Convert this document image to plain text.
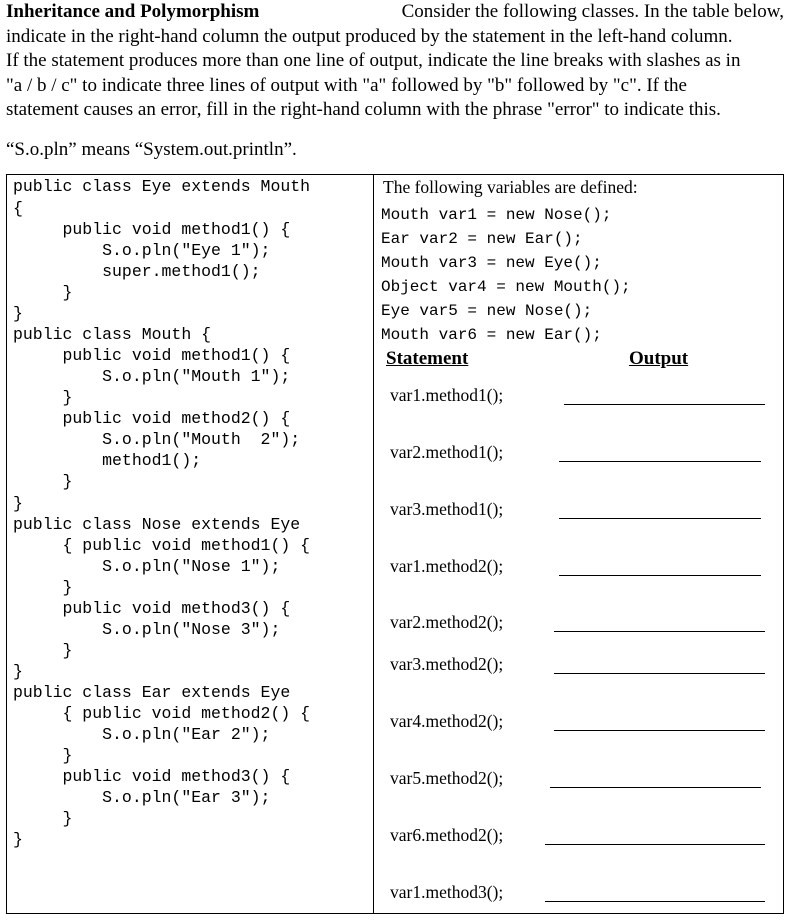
Inheritance and Polymorphism	Consider the following classes. In the table below,
indicate in the right-hand column the output produced by the statement in the left-hand column.
If the statement produces more than one line of output, indicate the line breaks with slashes as in
"a / b / c" to indicate three lines of output with "a" followed by "b" followed by "c". If the
statement causes an error, fill in the right-hand column with the phrase "error" to indicate this.
“S.o.pln” means “System.out.println”.
public class Eye extends Mouth
{
public void method1() {
S.o.pln("Eye 1");
super.method1();
}
}
public class Mouth {
public void method1() {
S.o.pln("Mouth 1");
}
public void method2() {
S.o.pln("Mouth  2");
method1();
}
}
public class Nose extends Eye
{ public void method1() {
S.o.pln("Nose 1");
}
public void method3() {
S.o.pln("Nose 3");
}
}
public class Ear extends Eye
{ public void method2() {
S.o.pln("Ear 2");
}
public void method3() {
S.o.pln("Ear 3");
}
}
The following variables are defined:
Mouth var1 = new Nose();
Ear var2 = new Ear();
Mouth var3 = new Eye();
Object var4 = new Mouth();
Eye var5 = new Nose();
Mouth var6 = new Ear();
Statement	Output
var1.method1();
var2.method1();
var3.method1();
var1.method2();
var2.method2();
var3.method2();
var4.method2();
var5.method2();
var6.method2();
var1.method3();
